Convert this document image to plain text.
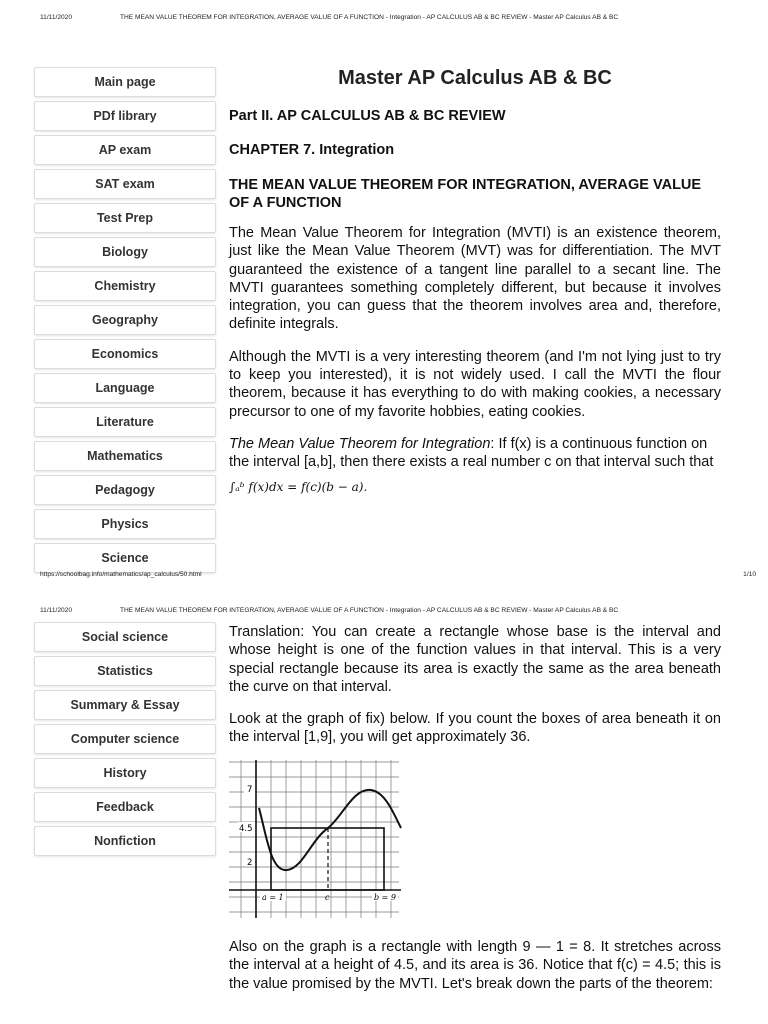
11/11/2020	THE MEAN VALUE THEOREM FOR INTEGRATION, AVERAGE VALUE OF A FUNCTION - Integration - AP CALCULUS AB & BC REVIEW - Master AP Calculus AB & BC
Main page
PDf library
AP exam
SAT exam
Test Prep
Biology
Chemistry
Geography
Economics
Language
Literature
Mathematics
Pedagogy
Physics
Science
Master AP Calculus AB & BC
Part II. AP CALCULUS AB & BC REVIEW
CHAPTER 7. Integration
THE MEAN VALUE THEOREM FOR INTEGRATION, AVERAGE VALUE OF A FUNCTION

The Mean Value Theorem for Integration (MVTI) is an existence theorem, just like the Mean Value Theorem (MVT) was for differentiation. The MVT guaranteed the existence of a tangent line parallel to a secant line. The MVTI guarantees something completely different, but because it involves integration, you can guess that the theorem involves area and, therefore, definite integrals.

Although the MVTI is a very interesting theorem (and I'm not lying just to try to keep you interested), it is not widely used. I call the MVTI the flour theorem, because it has everything to do with making cookies, a necessary precursor to one of my favorite hobbies, eating cookies.

The Mean Value Theorem for Integration: If f(x) is a continuous function on the interval [a,b], then there exists a real number c on that interval such that

∫ₐᵇ f(x)dx = f(c)(b − a).
https://schoolbag.info/mathematics/ap_calculus/50.html	1/10
11/11/2020	THE MEAN VALUE THEOREM FOR INTEGRATION, AVERAGE VALUE OF A FUNCTION - Integration - AP CALCULUS AB & BC REVIEW - Master AP Calculus AB & BC
Social science
Statistics
Summary & Essay
Computer science
History
Feedback
Nonfiction

Translation: You can create a rectangle whose base is the interval and whose height is one of the function values in that interval. This is a very special rectangle because its area is exactly the same as the area beneath the curve on that interval.

Look at the graph of fix) below. If you count the boxes of area beneath it on the interval [1,9], you will get approximately 36.

7
4.5
2
a = 1	c	b = 9

Also on the graph is a rectangle with length 9 — 1 = 8. It stretches across the interval at a height of 4.5, and its area is 36. Notice that f(c) = 4.5; this is the value promised by the MVTI. Let's break down the parts of the theorem:
